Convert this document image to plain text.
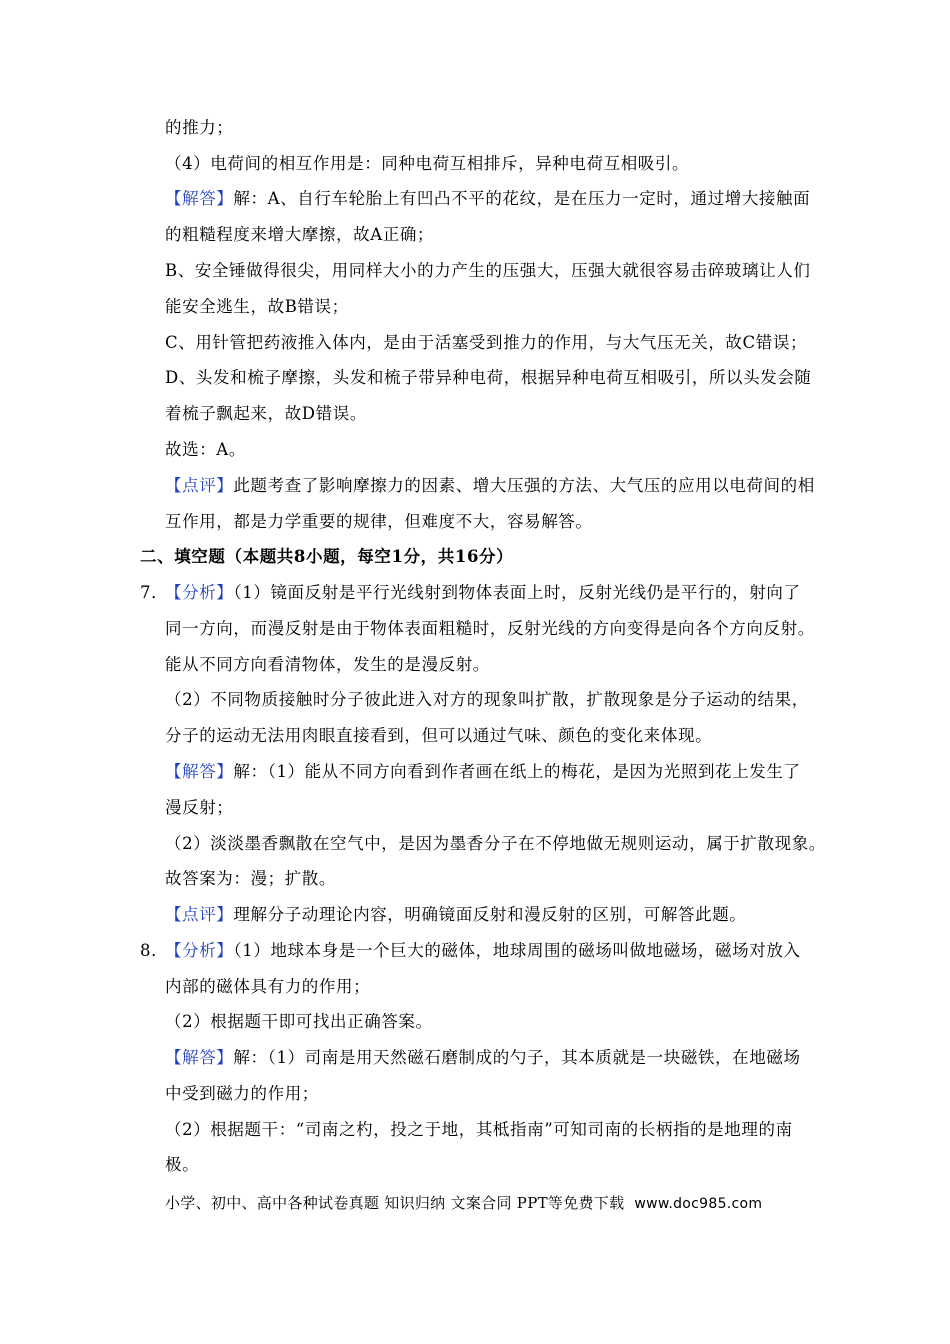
的推力；
（4）电荷间的相互作用是：同种电荷互相排斥，异种电荷互相吸引。
【解答】解：A、自行车轮胎上有凹凸不平的花纹，是在压力一定时，通过增大接触面
的粗糙程度来增大摩擦，故A正确；
B、安全锤做得很尖，用同样大小的力产生的压强大，压强大就很容易击碎玻璃让人们
能安全逃生，故B错误；
C、用针管把药液推入体内，是由于活塞受到推力的作用，与大气压无关，故C错误；
D、头发和梳子摩擦，头发和梳子带异种电荷，根据异种电荷互相吸引，所以头发会随
着梳子飘起来，故D错误。
故选：A。
【点评】此题考查了影响摩擦力的因素、增大压强的方法、大气压的应用以电荷间的相
互作用，都是力学重要的规律，但难度不大，容易解答。
二、填空题（本题共8小题，每空1分，共16分）
7．
【分析】（1）镜面反射是平行光线射到物体表面上时，反射光线仍是平行的，射向了
同一方向，而漫反射是由于物体表面粗糙时，反射光线的方向变得是向各个方向反射。
能从不同方向看清物体，发生的是漫反射。
（2）不同物质接触时分子彼此进入对方的现象叫扩散，扩散现象是分子运动的结果，
分子的运动无法用肉眼直接看到，但可以通过气味、颜色的变化来体现。
【解答】解：（1）能从不同方向看到作者画在纸上的梅花，是因为光照到花上发生了
漫反射；
（2）淡淡墨香飘散在空气中，是因为墨香分子在不停地做无规则运动，属于扩散现象。
故答案为：漫；扩散。
【点评】理解分子动理论内容，明确镜面反射和漫反射的区别，可解答此题。
8．
【分析】（1）地球本身是一个巨大的磁体，地球周围的磁场叫做地磁场，磁场对放入
内部的磁体具有力的作用；
（2）根据题干即可找出正确答案。
【解答】解：（1）司南是用天然磁石磨制成的勺子，其本质就是一块磁铁，在地磁场
中受到磁力的作用；
（2）根据题干：“司南之杓，投之于地，其柢指南”可知司南的长柄指的是地理的南
极。
小学、初中、高中各种试卷真题 知识归纳 文案合同 PPT等免费下载 www.doc985.com
